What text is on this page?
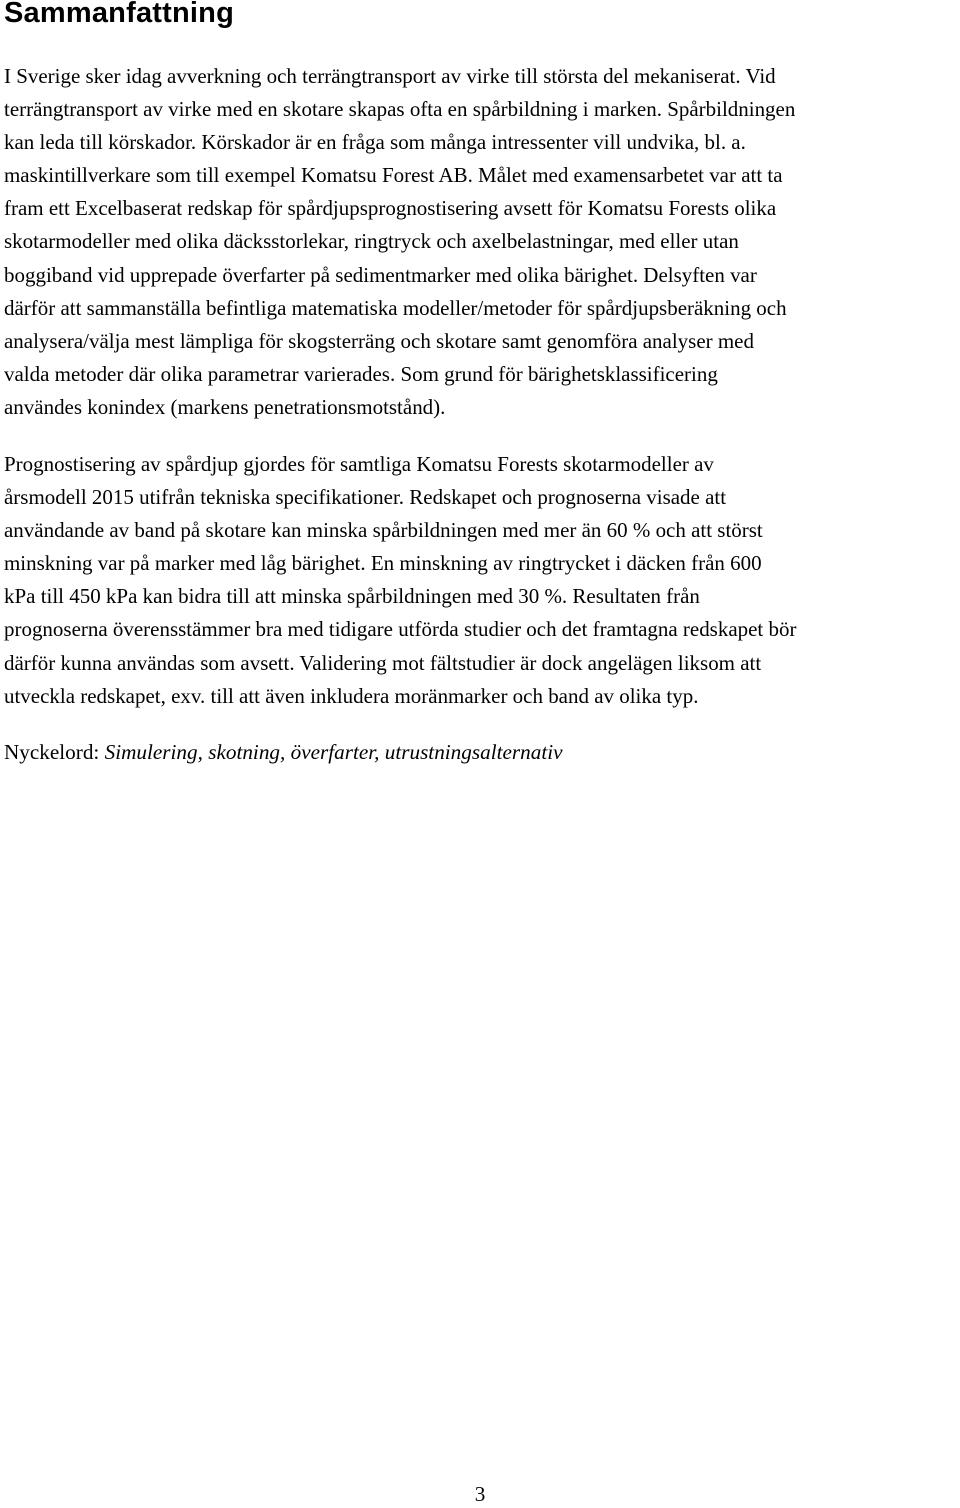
Sammanfattning

I Sverige sker idag avverkning och terrängtransport av virke till största del mekaniserat. Vid
terrängtransport av virke med en skotare skapas ofta en spårbildning i marken. Spårbildningen
kan leda till körskador. Körskador är en fråga som många intressenter vill undvika, bl. a.
maskintillverkare som till exempel Komatsu Forest AB. Målet med examensarbetet var att ta
fram ett Excelbaserat redskap för spårdjupsprognostisering avsett för Komatsu Forests olika
skotarmodeller med olika däcksstorlekar, ringtryck och axelbelastningar, med eller utan
boggiband vid upprepade överfarter på sedimentmarker med olika bärighet. Delsyften var
därför att sammanställa befintliga matematiska modeller/metoder för spårdjupsberäkning och
analysera/välja mest lämpliga för skogsterräng och skotare samt genomföra analyser med
valda metoder där olika parametrar varierades. Som grund för bärighetsklassificering
användes konindex (markens penetrationsmotstånd).

Prognostisering av spårdjup gjordes för samtliga Komatsu Forests skotarmodeller av
årsmodell 2015 utifrån tekniska specifikationer. Redskapet och prognoserna visade att
användande av band på skotare kan minska spårbildningen med mer än 60 % och att störst
minskning var på marker med låg bärighet. En minskning av ringtrycket i däcken från 600
kPa till 450 kPa kan bidra till att minska spårbildningen med 30 %. Resultaten från
prognoserna överensstämmer bra med tidigare utförda studier och det framtagna redskapet bör
därför kunna användas som avsett. Validering mot fältstudier är dock angelägen liksom att
utveckla redskapet, exv. till att även inkludera moränmarker och band av olika typ.

Nyckelord: Simulering, skotning, överfarter, utrustningsalternativ

3
